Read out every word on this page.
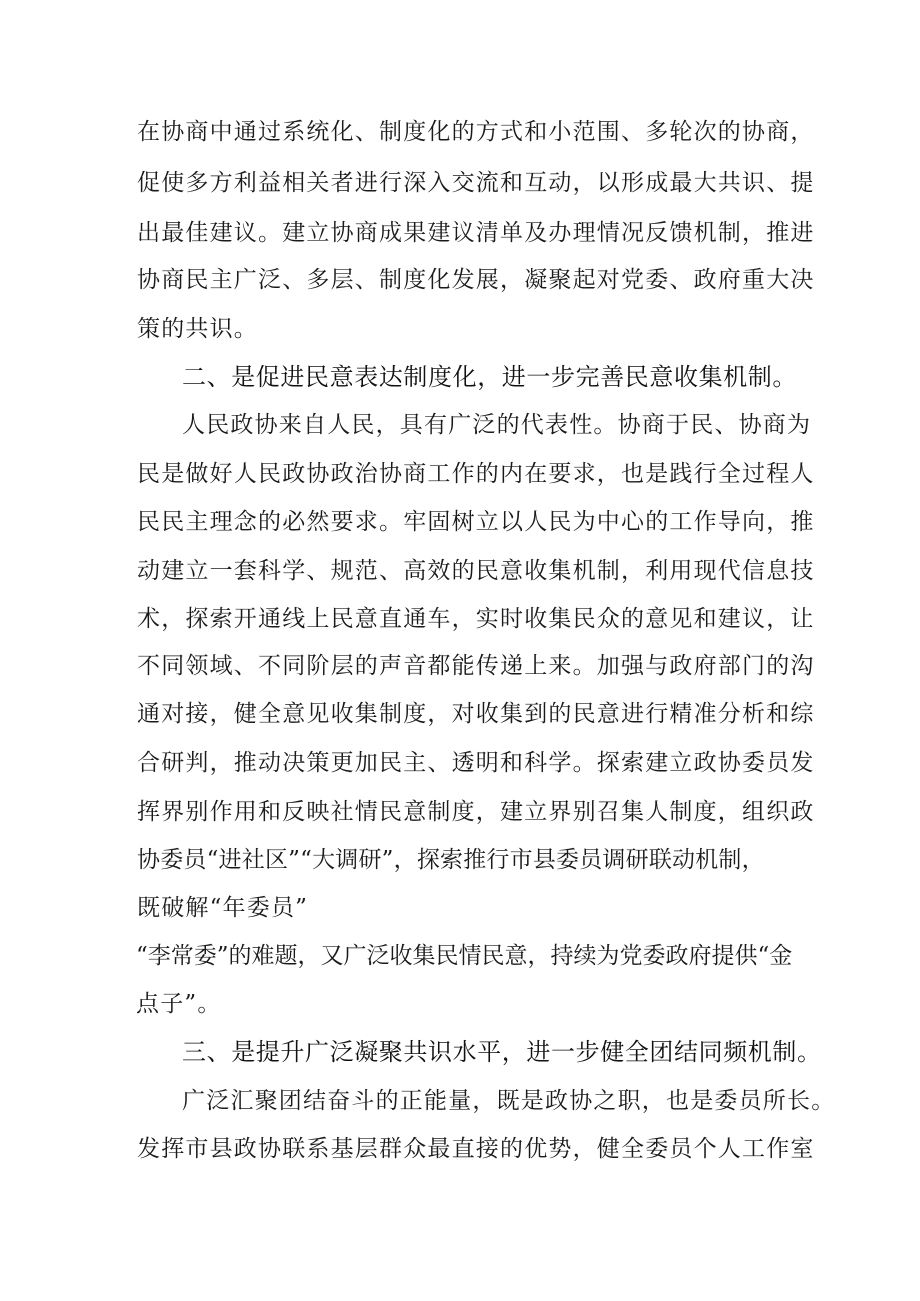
在协商中通过系统化、制度化的方式和小范围、多轮次的协商，
促使多方利益相关者进行深入交流和互动，以形成最大共识、提
出最佳建议。建立协商成果建议清单及办理情况反馈机制，推进
协商民主广泛、多层、制度化发展，凝聚起对党委、政府重大决
策的共识。
二、是促进民意表达制度化，进一步完善民意收集机制。
人民政协来自人民，具有广泛的代表性。协商于民、协商为
民是做好人民政协政治协商工作的内在要求，也是践行全过程人
民民主理念的必然要求。牢固树立以人民为中心的工作导向，推
动建立一套科学、规范、高效的民意收集机制，利用现代信息技
术，探索开通线上民意直通车，实时收集民众的意见和建议，让
不同领域、不同阶层的声音都能传递上来。加强与政府部门的沟
通对接，健全意见收集制度，对收集到的民意进行精准分析和综
合研判，推动决策更加民主、透明和科学。探索建立政协委员发
挥界别作用和反映社情民意制度，建立界别召集人制度，组织政
协委员“进社区”“大调研”，探索推行市县委员调研联动机制，
既破解“年委员”
“李常委”的难题，又广泛收集民情民意，持续为党委政府提供“金
点子”。
三、是提升广泛凝聚共识水平，进一步健全团结同频机制。
广泛汇聚团结奋斗的正能量，既是政协之职，也是委员所长。
发挥市县政协联系基层群众最直接的优势，健全委员个人工作室
